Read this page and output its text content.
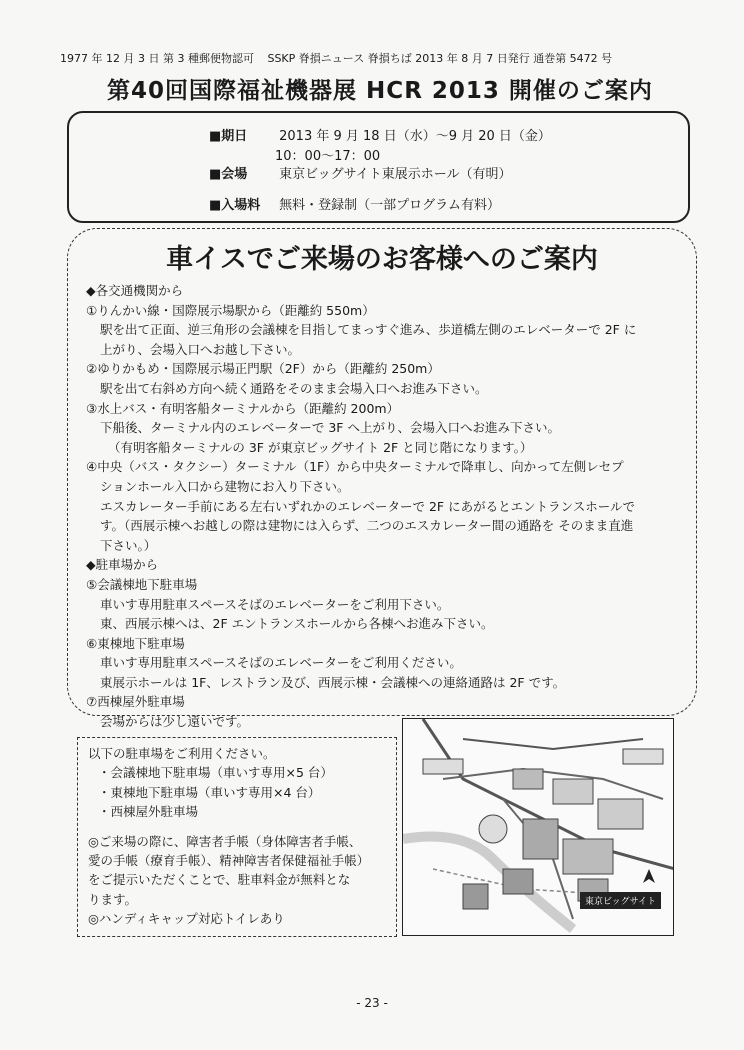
1977 年 12 月 3 日 第 3 種郵便物認可 SSKP 脊損ニュース 脊損ちば 2013 年 8 月 7 日発行 通巻第 5472 号
第40回国際福祉機器展 HCR 2013 開催のご案内
■期日 2013 年 9 月 18 日（水）～9 月 20 日（金）
10：00～17：00
■会場 東京ビッグサイト東展示ホール（有明）
■入場料 無料・登録制（一部プログラム有料）
車イスでご来場のお客様へのご案内
◆各交通機関から
①りんかい線・国際展示場駅から（距離約 550m）
駅を出て正面、逆三角形の会議棟を目指してまっすぐ進み、歩道橋左側のエレベーターで 2F に
上がり、会場入口へお越し下さい。
②ゆりかもめ・国際展示場正門駅（2F）から（距離約 250m）
駅を出て右斜め方向へ続く通路をそのまま会場入口へお進み下さい。
③水上バス・有明客船ターミナルから（距離約 200m）
下船後、ターミナル内のエレベーターで 3F へ上がり、会場入口へお進み下さい。
（有明客船ターミナルの 3F が東京ビッグサイト 2F と同じ階になります。）
④中央（バス・タクシー）ターミナル（1F）から中央ターミナルで降車し、向かって左側レセプ
ションホール入口から建物にお入り下さい。
エスカレーター手前にある左右いずれかのエレベーターで 2F にあがるとエントランスホールで
す。（西展示棟へお越しの際は建物には入らず、二つのエスカレーター間の通路を そのまま直進
下さい。）
◆駐車場から
⑤会議棟地下駐車場
車いす専用駐車スペースそばのエレベーターをご利用下さい。
東、西展示棟へは、2F エントランスホールから各棟へお進み下さい。
⑥東棟地下駐車場
車いす専用駐車スペースそばのエレベーターをご利用ください。
東展示ホールは 1F、レストラン及び、西展示棟・会議棟への連絡通路は 2F です。
⑦西棟屋外駐車場
会場からは少し遠いです。
以下の駐車場をご利用ください。
・会議棟地下駐車場（車いす専用×5 台）
・東棟地下駐車場（車いす専用×4 台）
・西棟屋外駐車場
◎ご来場の際に、障害者手帳（身体障害者手帳、
愛の手帳（療育手帳）、精神障害者保健福祉手帳）
をご提示いただくことで、駐車料金が無料とな
ります。
◎ハンディキャップ対応トイレあり
東京ビッグサイト
- 23 -
